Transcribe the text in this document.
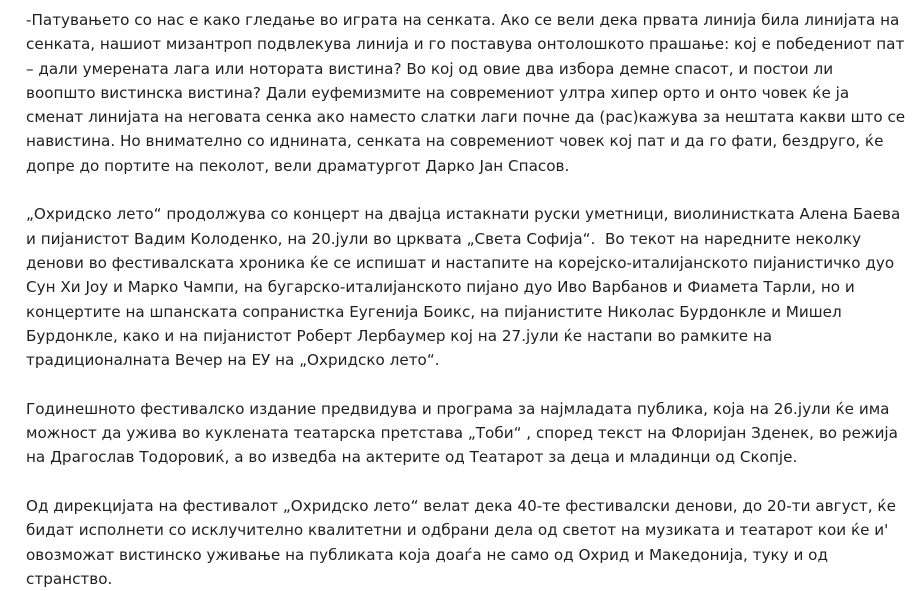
-Патувањето со нас е како гледање во играта на сенката. Ако се вели дека првата линија била линијата на сенката, нашиот мизантроп подвлекува линија и го поставува онтолошкото прашање: кој е победениот пат – дали умерената лага или нотората вистина? Во кој од овие два избора демне спасот, и постои ли воопшто вистинска вистина? Дали еуфемизмите на современиот ултра хипер орто и онто човек ќе ја сменат линијата на неговата сенка ако наместо слатки лаги почне да (рас)кажува за нештата какви што се навистина. Но внимателно со иднината, сенката на современиот човек кој пат и да го фати, бездруго, ќе допре до портите на пеколот, вели драматургот Дарко Јан Спасов.

„Охридско лето“ продолжува со концерт на двајца истакнати руски уметници, виолинистката Алена Баева и пијанистот Вадим Колоденко, на 20.јули во црквата „Света Софија“.  Во текот на наредните неколку денови во фестивалската хроника ќе се испишат и настапите на корејско-италијанското пијанистичко дуо Сун Хи Јоу и Марко Чампи, на бугарско-италијанското пијано дуо Иво Варбанов и Фиамета Тарли, но и концертите на шпанската сопранистка Еугенија Боикс, на пијанистите Николас Бурдонкле и Мишел Бурдонкле, како и на пијанистот Роберт Лербаумер кој на 27.јули ќе настапи во рамките на традиционалната Вечер на ЕУ на „Охридско лето“.

Годинешното фестивалско издание предвидува и програма за најмладата публика, која на 26.јули ќе има можност да ужива во куклената театарска претстава „Тоби“ , според текст на Флоријан Зденек, во режија на Драгослав Тодоровиќ, а во изведба на актерите од Театарот за деца и младинци од Скопје.

Од дирекцијата на фестивалот „Охридско лето“ велат дека 40-те фестивалски денови, до 20-ти август, ќе бидат исполнети со исклучително квалитетни и одбрани дела од светот на музиката и театарот кои ќе и' овозможат вистинско уживање на публиката која доаѓа не само од Охрид и Македонија, туку и од странство.
